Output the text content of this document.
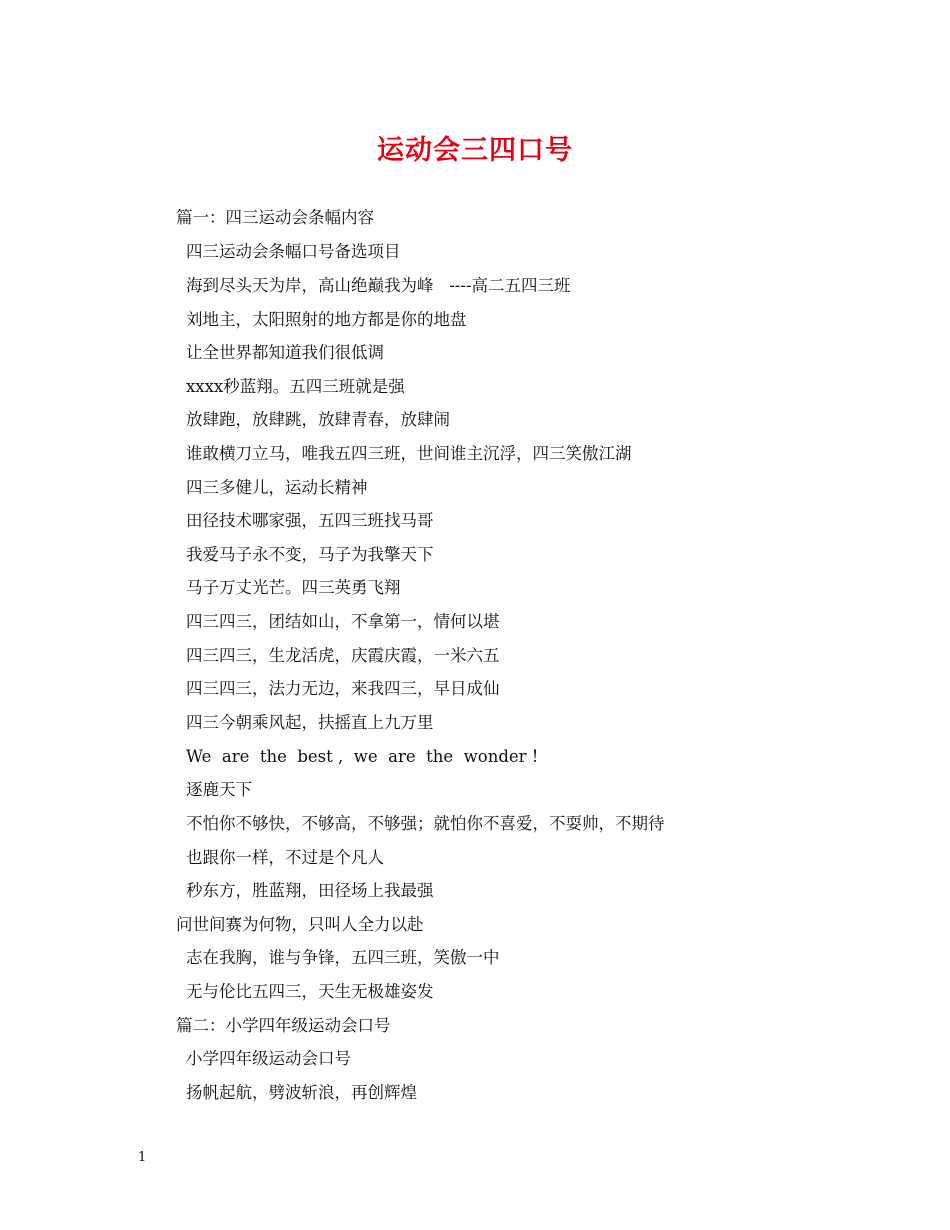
运动会三四口号
篇一：四三运动会条幅内容
四三运动会条幅口号备选项目
海到尽头天为岸，高山绝巅我为峰   ----高二五四三班
刘地主，太阳照射的地方都是你的地盘
让全世界都知道我们很低调
xxxx秒蓝翔。五四三班就是强
放肆跑，放肆跳，放肆青春，放肆闹
谁敢横刀立马，唯我五四三班，世间谁主沉浮，四三笑傲江湖
四三多健儿，运动长精神
田径技术哪家强，五四三班找马哥
我爱马子永不变，马子为我擎天下
马子万丈光芒。四三英勇飞翔
四三四三，团结如山，不拿第一，情何以堪
四三四三，生龙活虎，庆霞庆霞，一米六五
四三四三，法力无边，来我四三，早日成仙
四三今朝乘风起，扶摇直上九万里
We  are  the  best ,  we  are  the  wonder !
逐鹿天下
不怕你不够快，不够高，不够强；就怕你不喜爱，不耍帅，不期待
也跟你一样，不过是个凡人
秒东方，胜蓝翔，田径场上我最强
问世间赛为何物，只叫人全力以赴
志在我胸，谁与争锋，五四三班，笑傲一中
无与伦比五四三，天生无极雄姿发
篇二：小学四年级运动会口号
小学四年级运动会口号
扬帆起航，劈波斩浪，再创辉煌
1
